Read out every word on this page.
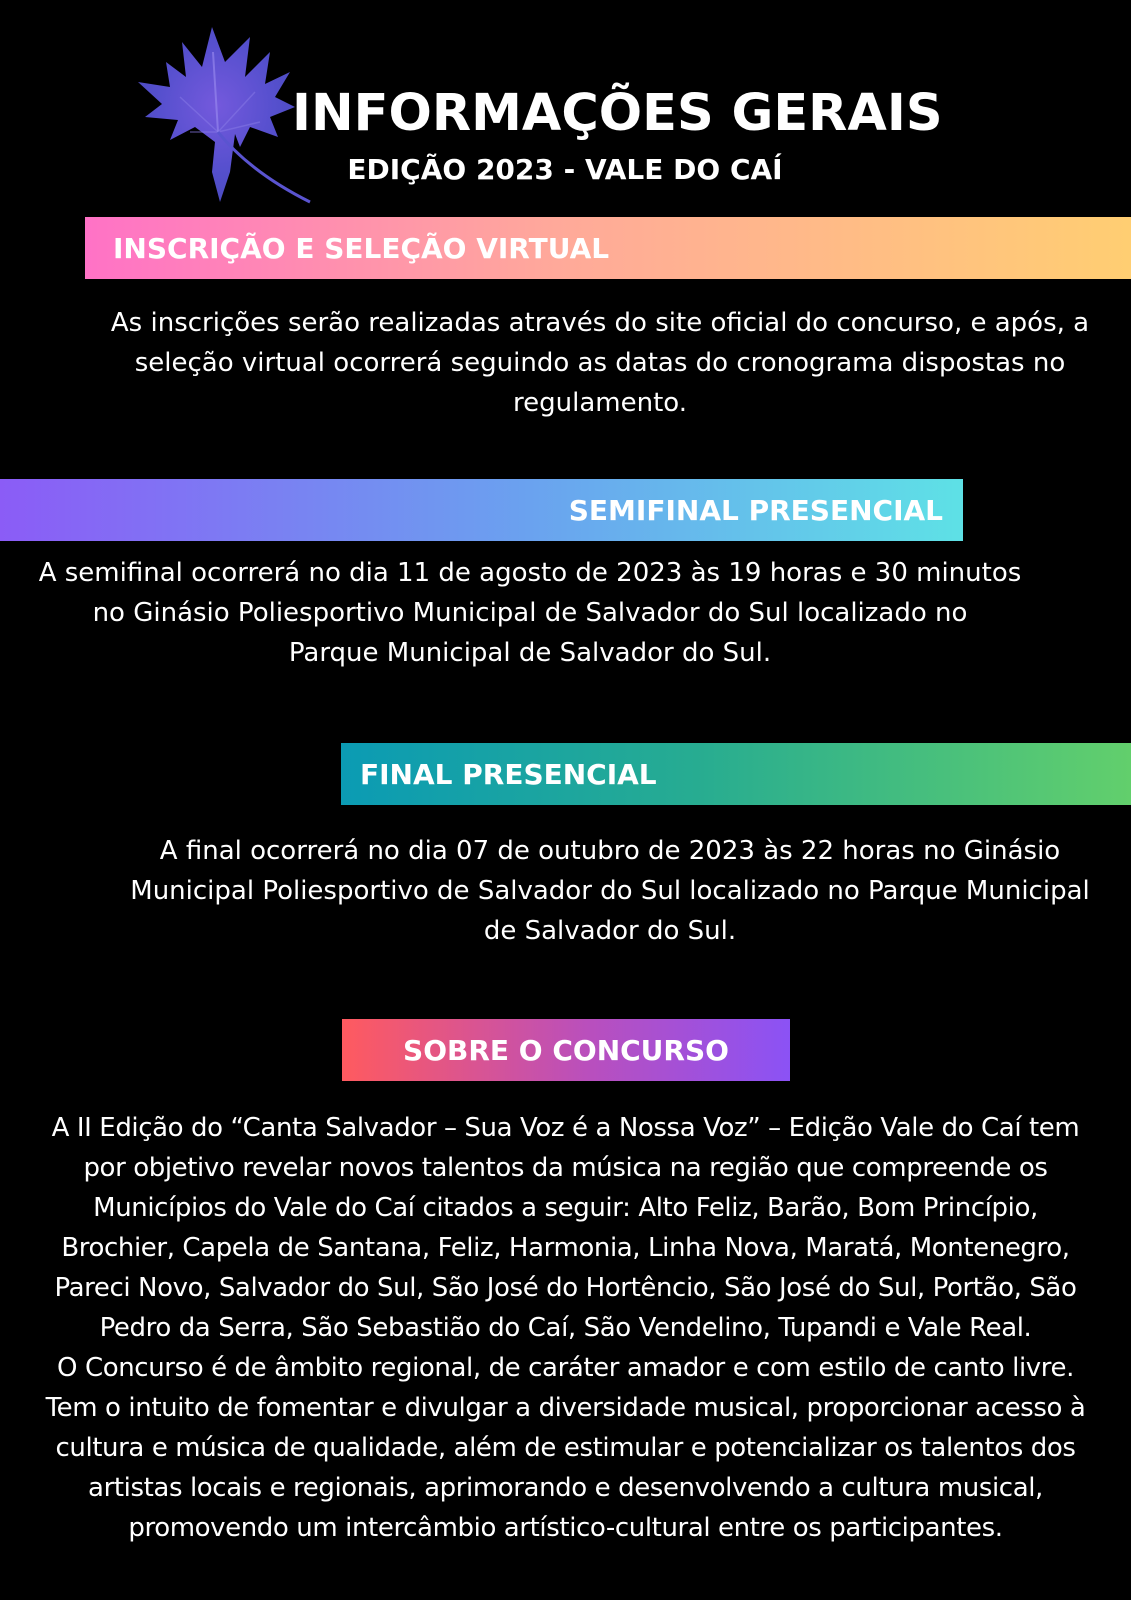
INFORMAÇÕES GERAIS
EDIÇÃO 2023 - VALE DO CAÍ
INSCRIÇÃO E SELEÇÃO VIRTUAL
As inscrições serão realizadas através do site oficial do concurso, e após, a
seleção virtual ocorrerá seguindo as datas do cronograma dispostas no
regulamento.
SEMIFINAL PRESENCIAL
A semifinal ocorrerá no dia 11 de agosto de 2023 às 19 horas e 30 minutos
no Ginásio Poliesportivo Municipal de Salvador do Sul localizado no
Parque Municipal de Salvador do Sul.
FINAL PRESENCIAL
A final ocorrerá no dia 07 de outubro de 2023 às 22 horas no Ginásio
Municipal Poliesportivo de Salvador do Sul localizado no Parque Municipal
de Salvador do Sul.
SOBRE O CONCURSO
A II Edição do “Canta Salvador – Sua Voz é a Nossa Voz” – Edição Vale do Caí tem
por objetivo revelar novos talentos da música na região que compreende os
Municípios do Vale do Caí citados a seguir: Alto Feliz, Barão, Bom Princípio,
Brochier, Capela de Santana, Feliz, Harmonia, Linha Nova, Maratá, Montenegro,
Pareci Novo, Salvador do Sul, São José do Hortêncio, São José do Sul, Portão, São
Pedro da Serra, São Sebastião do Caí, São Vendelino, Tupandi e Vale Real.
O Concurso é de âmbito regional, de caráter amador e com estilo de canto livre.
Tem o intuito de fomentar e divulgar a diversidade musical, proporcionar acesso à
cultura e música de qualidade, além de estimular e potencializar os talentos dos
artistas locais e regionais, aprimorando e desenvolvendo a cultura musical,
promovendo um intercâmbio artístico-cultural entre os participantes.
